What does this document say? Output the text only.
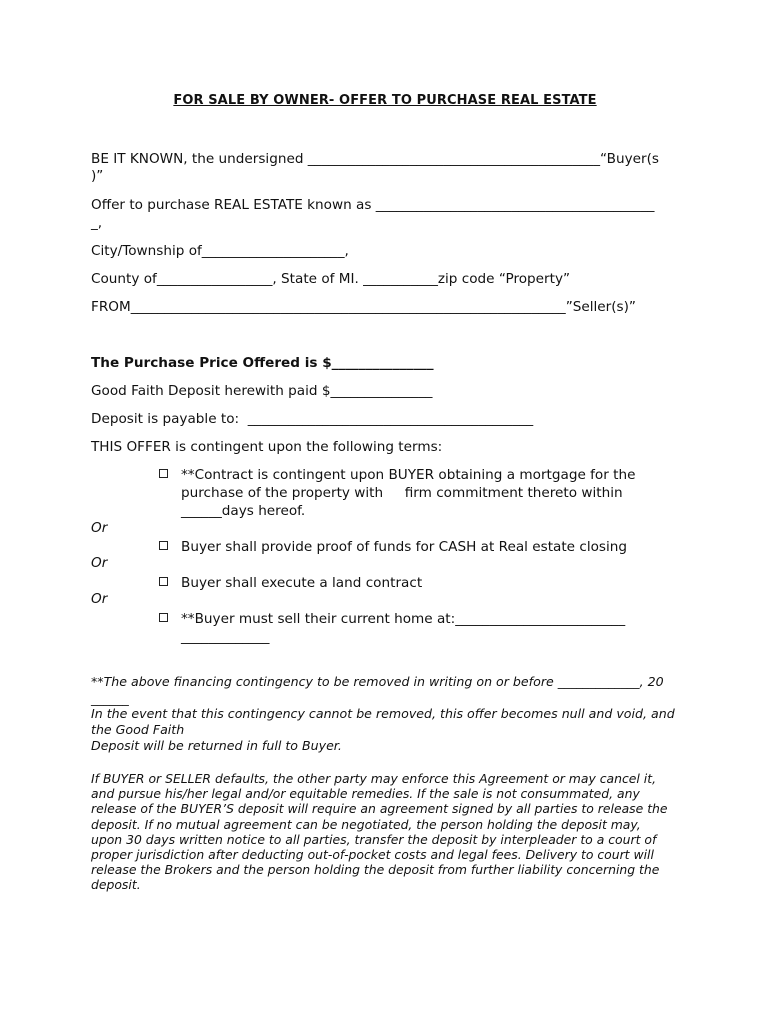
FOR SALE BY OWNER- OFFER TO PURCHASE REAL ESTATE
BE IT KNOWN, the undersigned ___________________________________________“Buyer(s
)”
Offer to purchase REAL ESTATE known as _________________________________________
_,
City/Township of_____________________,
County of_________________, State of MI. ___________zip code “Property”
FROM________________________________________________________________”Seller(s)”
The Purchase Price Offered is $_______________
Good Faith Deposit herewith paid $_______________
Deposit is payable to:  __________________________________________
THIS OFFER is contingent upon the following terms:
**Contract is contingent upon BUYER obtaining a mortgage for the
purchase of the property with     firm commitment thereto within
______days hereof.
Or
Buyer shall provide proof of funds for CASH at Real estate closing
Or
Buyer shall execute a land contract
Or
**Buyer must sell their current home at:_________________________
_____________
**The above financing contingency to be removed in writing on or before _____________, 20
______
In the event that this contingency cannot be removed, this offer becomes null and void, and
the Good Faith
Deposit will be returned in full to Buyer.
If BUYER or SELLER defaults, the other party may enforce this Agreement or may cancel it,
and pursue his/her legal and/or equitable remedies. If the sale is not consummated, any
release of the BUYER’S deposit will require an agreement signed by all parties to release the
deposit. If no mutual agreement can be negotiated, the person holding the deposit may,
upon 30 days written notice to all parties, transfer the deposit by interpleader to a court of
proper jurisdiction after deducting out-of-pocket costs and legal fees. Delivery to court will
release the Brokers and the person holding the deposit from further liability concerning the
deposit.
